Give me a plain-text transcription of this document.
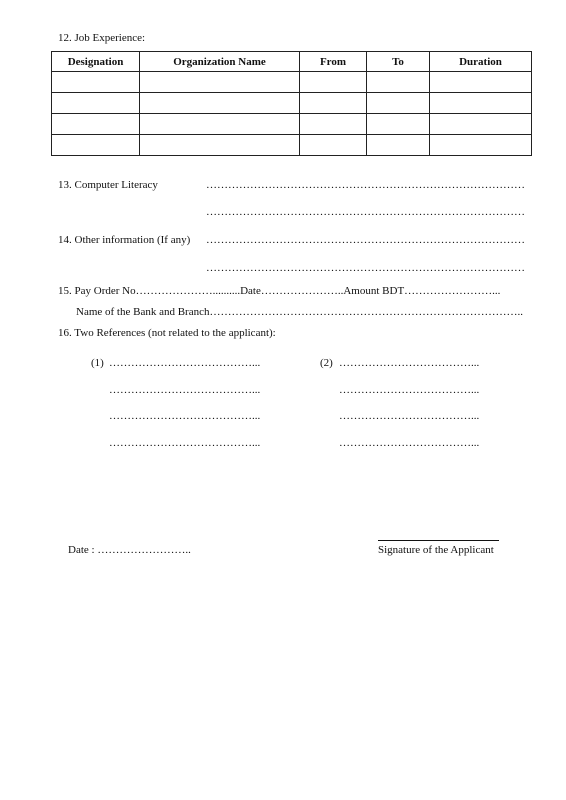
12. Job Experience:
Designation	Organization Name	From	To	Duration

13. Computer Literacy	……………………………………………………………………………
……………………………………………………………………………
14. Other information (If any) ……………………………………………………………………………
……………………………………………………………………………
15. Pay Order No…………………..........Date…………………..Amount BDT……………………...
Name of the Bank and Branch…………………………………………………………………………..
16. Two References (not related to the applicant):
(1) …………………………………...
…………………………………...
…………………………………...
…………………………………...
(2) ………………………………...
………………………………...
………………………………...
………………………………...
Date : ……………………..	Signature of the Applicant
